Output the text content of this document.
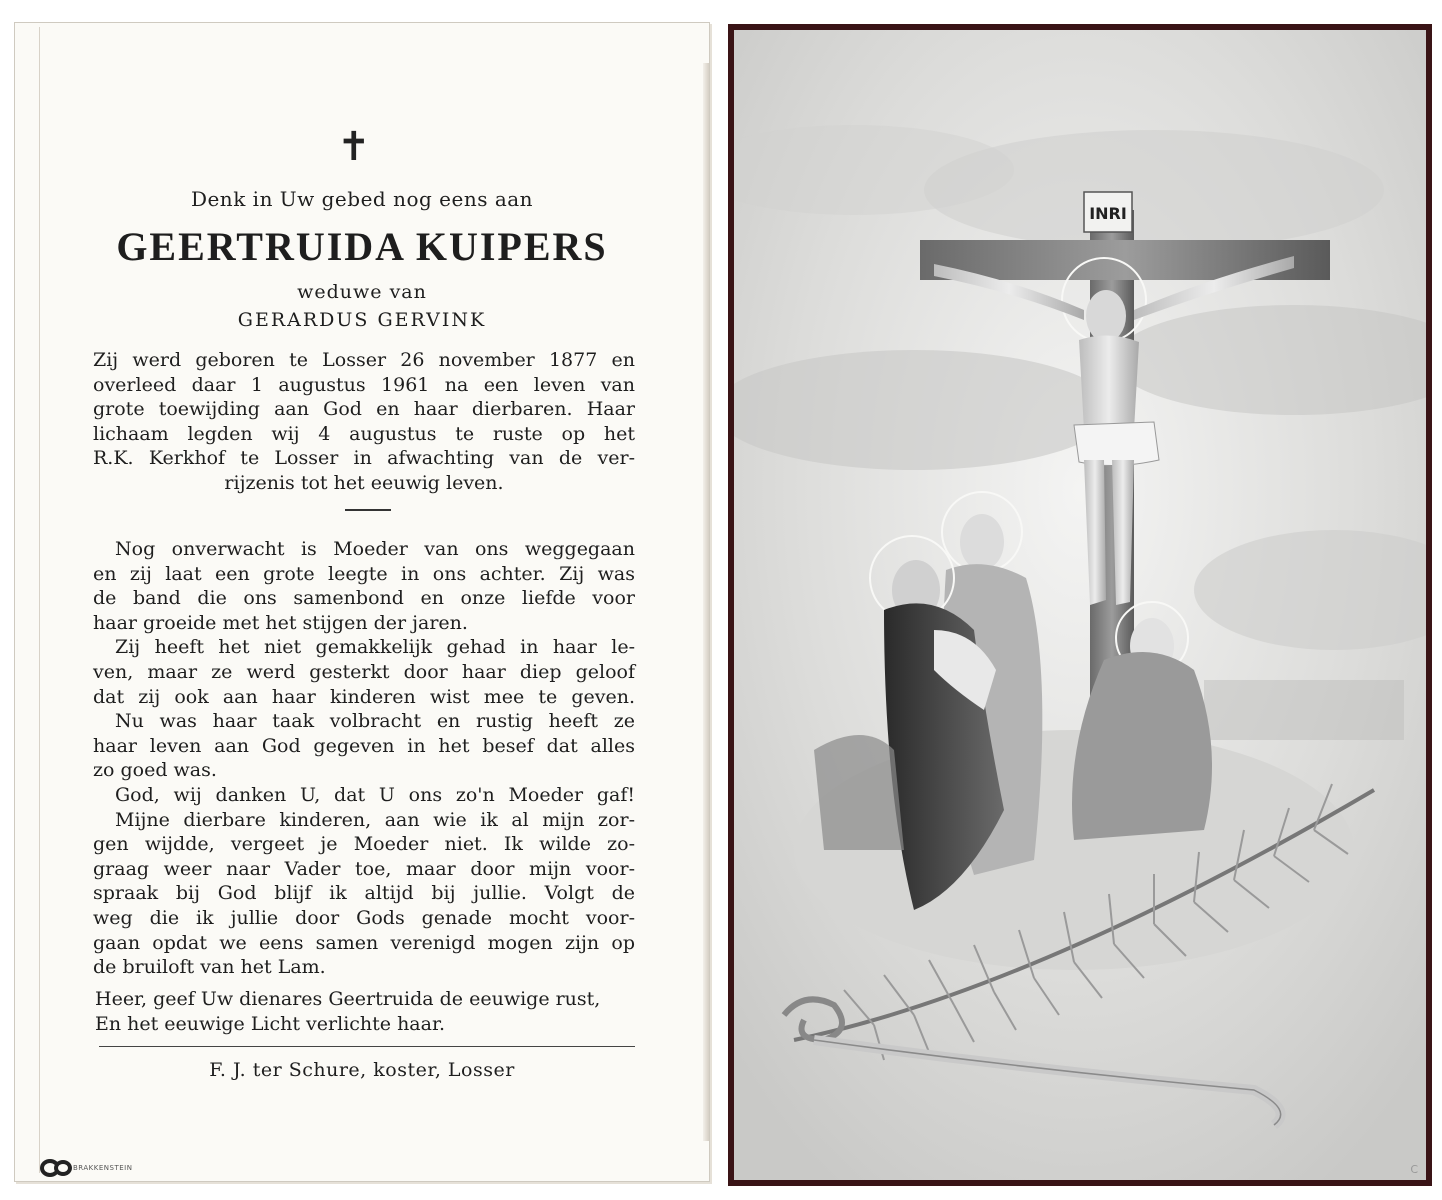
✝
Denk in Uw gebed nog eens aan
GEERTRUIDA KUIPERS
weduwe van
GERARDUS GERVINK

Zij werd geboren te Losser 26 november 1877 en

overleed daar 1 augustus 1961 na een leven van

grote toewijding aan God en haar dierbaren. Haar

lichaam legden wij 4 augustus te ruste op het

R.K. Kerkhof te Losser in afwachting van de ver-

rijzenis tot het eeuwig leven.

Nog onverwacht is Moeder van ons weggegaan

en zij laat een grote leegte in ons achter. Zij was

de band die ons samenbond en onze liefde voor

haar groeide met het stijgen der jaren.

Zij heeft het niet gemakkelijk gehad in haar le-

ven, maar ze werd gesterkt door haar diep geloof

dat zij ook aan haar kinderen wist mee te geven.

Nu was haar taak volbracht en rustig heeft ze

haar leven aan God gegeven in het besef dat alles

zo goed was.

God, wij danken U, dat U ons zo'n Moeder gaf!

Mijne dierbare kinderen, aan wie ik al mijn zor-

gen wijdde, vergeet je Moeder niet. Ik wilde zo-

graag weer naar Vader toe, maar door mijn voor-

spraak bij God blijf ik altijd bij jullie. Volgt de

weg die ik jullie door Gods genade mocht voor-

gaan opdat we eens samen verenigd mogen zijn op

de bruiloft van het Lam.

Heer, geef Uw dienares Geertruida de eeuwige rust,

En het eeuwige Licht verlichte haar.

F. J. ter Schure, koster, Losser
BRAKKENSTEIN
INRI
C
